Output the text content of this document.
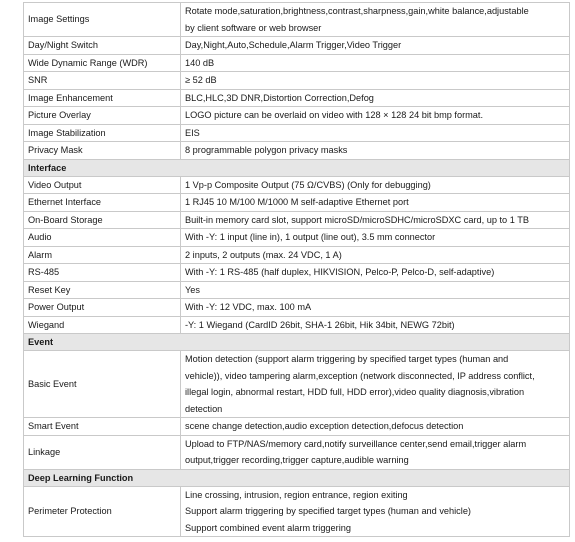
Image Settings	Rotate mode,saturation,brightness,contrast,sharpness,gain,white balance,adjustable
by client software or web browser

Day/Night Switch	Day,Night,Auto,Schedule,Alarm Trigger,Video Trigger

Wide Dynamic Range (WDR)	140 dB

SNR	≥ 52 dB

Image Enhancement	BLC,HLC,3D DNR,Distortion Correction,Defog

Picture Overlay	LOGO picture can be overlaid on video with 128 × 128 24 bit bmp format.

Image Stabilization	EIS

Privacy Mask	8 programmable polygon privacy masks

Interface	
Video Output	1 Vp-p Composite Output (75 Ω/CVBS) (Only for debugging)

Ethernet Interface	1 RJ45 10 M/100 M/1000 M self-adaptive Ethernet port

On-Board Storage	Built-in memory card slot, support microSD/microSDHC/microSDXC card, up to 1 TB

Audio	With -Y: 1 input (line in), 1 output (line out), 3.5 mm connector

Alarm	2 inputs, 2 outputs (max. 24 VDC, 1 A)

RS-485	With -Y: 1 RS-485 (half duplex, HIKVISION, Pelco-P, Pelco-D, self-adaptive)

Reset Key	Yes

Power Output	With -Y: 12 VDC, max. 100 mA

Wiegand	-Y: 1 Wiegand (CardID 26bit, SHA-1 26bit, Hik 34bit, NEWG 72bit)

Event	
Basic Event	Motion detection (support alarm triggering by specified target types (human and
vehicle)), video tampering alarm,exception (network disconnected, IP address conflict,
illegal login, abnormal restart, HDD full, HDD error),video quality diagnosis,vibration
detection

Smart Event	scene change detection,audio exception detection,defocus detection

Linkage	Upload to FTP/NAS/memory card,notify surveillance center,send email,trigger alarm
output,trigger recording,trigger capture,audible warning

Deep Learning Function	
Perimeter Protection	Line crossing, intrusion, region entrance, region exiting
Support alarm triggering by specified target types (human and vehicle)
Support combined event alarm triggering
